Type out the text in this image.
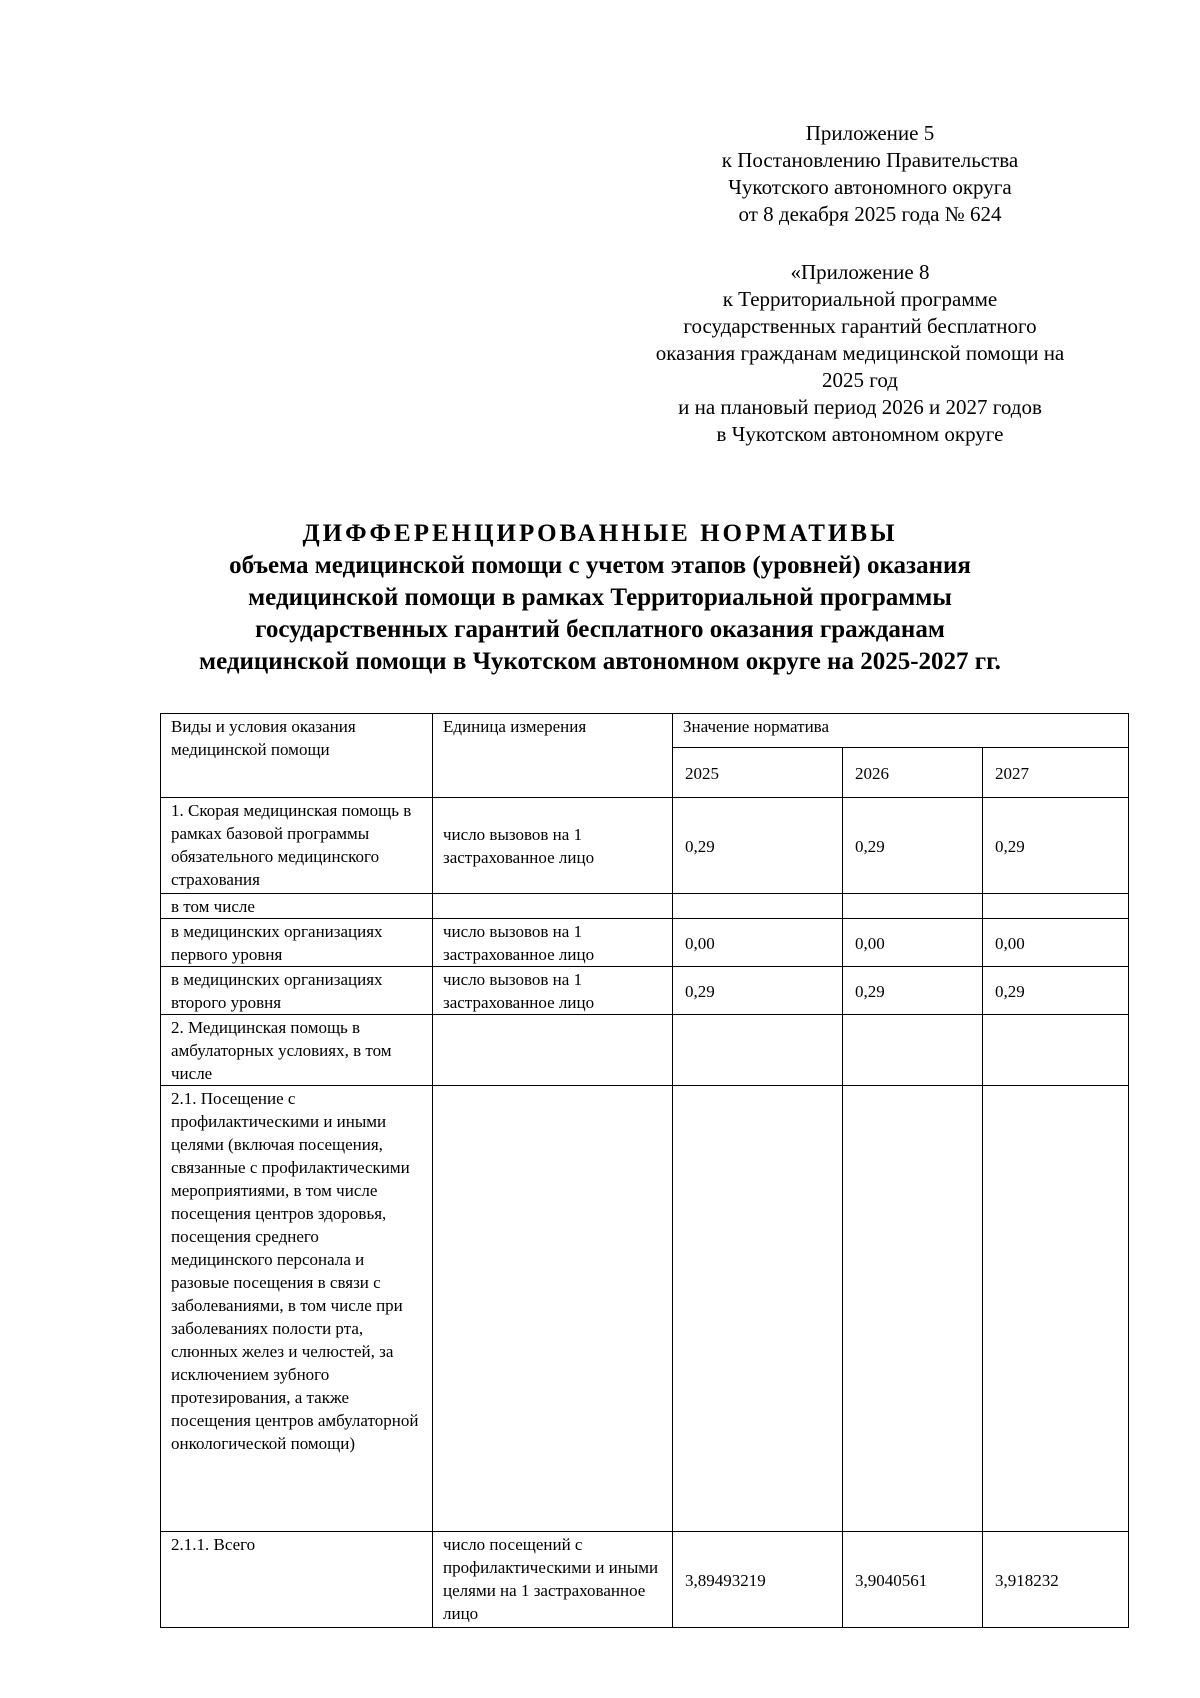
Приложение 5
к Постановлению Правительства
Чукотского автономного округа
от 8 декабря 2025 года № 624
«Приложение 8
к Территориальной программе
государственных гарантий бесплатного
оказания гражданам медицинской помощи на
2025 год
и на плановый период 2026 и 2027 годов
в Чукотском автономном округе
ДИФФЕРЕНЦИРОВАННЫЕ НОРМАТИВЫ
объема медицинской помощи с учетом этапов (уровней) оказания
медицинской помощи в рамках Территориальной программы
государственных гарантий бесплатного оказания гражданам
медицинской помощи в Чукотском автономном округе на 2025-2027 гг.
Виды и условия оказания медицинской помощи	Единица измерения	Значение норматива		
		2025	2026	2027
1. Скорая медицинская помощь в рамках базовой программы обязательного медицинского страхования	число вызовов на 1 застрахованное лицо	0,29	0,29	0,29
в том числе				
в медицинских организациях первого уровня	число вызовов на 1 застрахованное лицо	0,00	0,00	0,00
в медицинских организациях второго уровня	число вызовов на 1 застрахованное лицо	0,29	0,29	0,29
2. Медицинская помощь в амбулаторных условиях, в том числе				
2.1. Посещение с профилактическими и иными целями (включая посещения, связанные с профилактическими мероприятиями, в том числе посещения центров здоровья, посещения среднего медицинского персонала и разовые посещения в связи с заболеваниями, в том числе при заболеваниях полости рта, слюнных желез и челюстей, за исключением зубного протезирования, а также посещения центров амбулаторной онкологической помощи)				
2.1.1. Всего	число посещений с профилактическими и иными целями на 1 застрахованное лицо	3,89493219	3,9040561	3,918232
